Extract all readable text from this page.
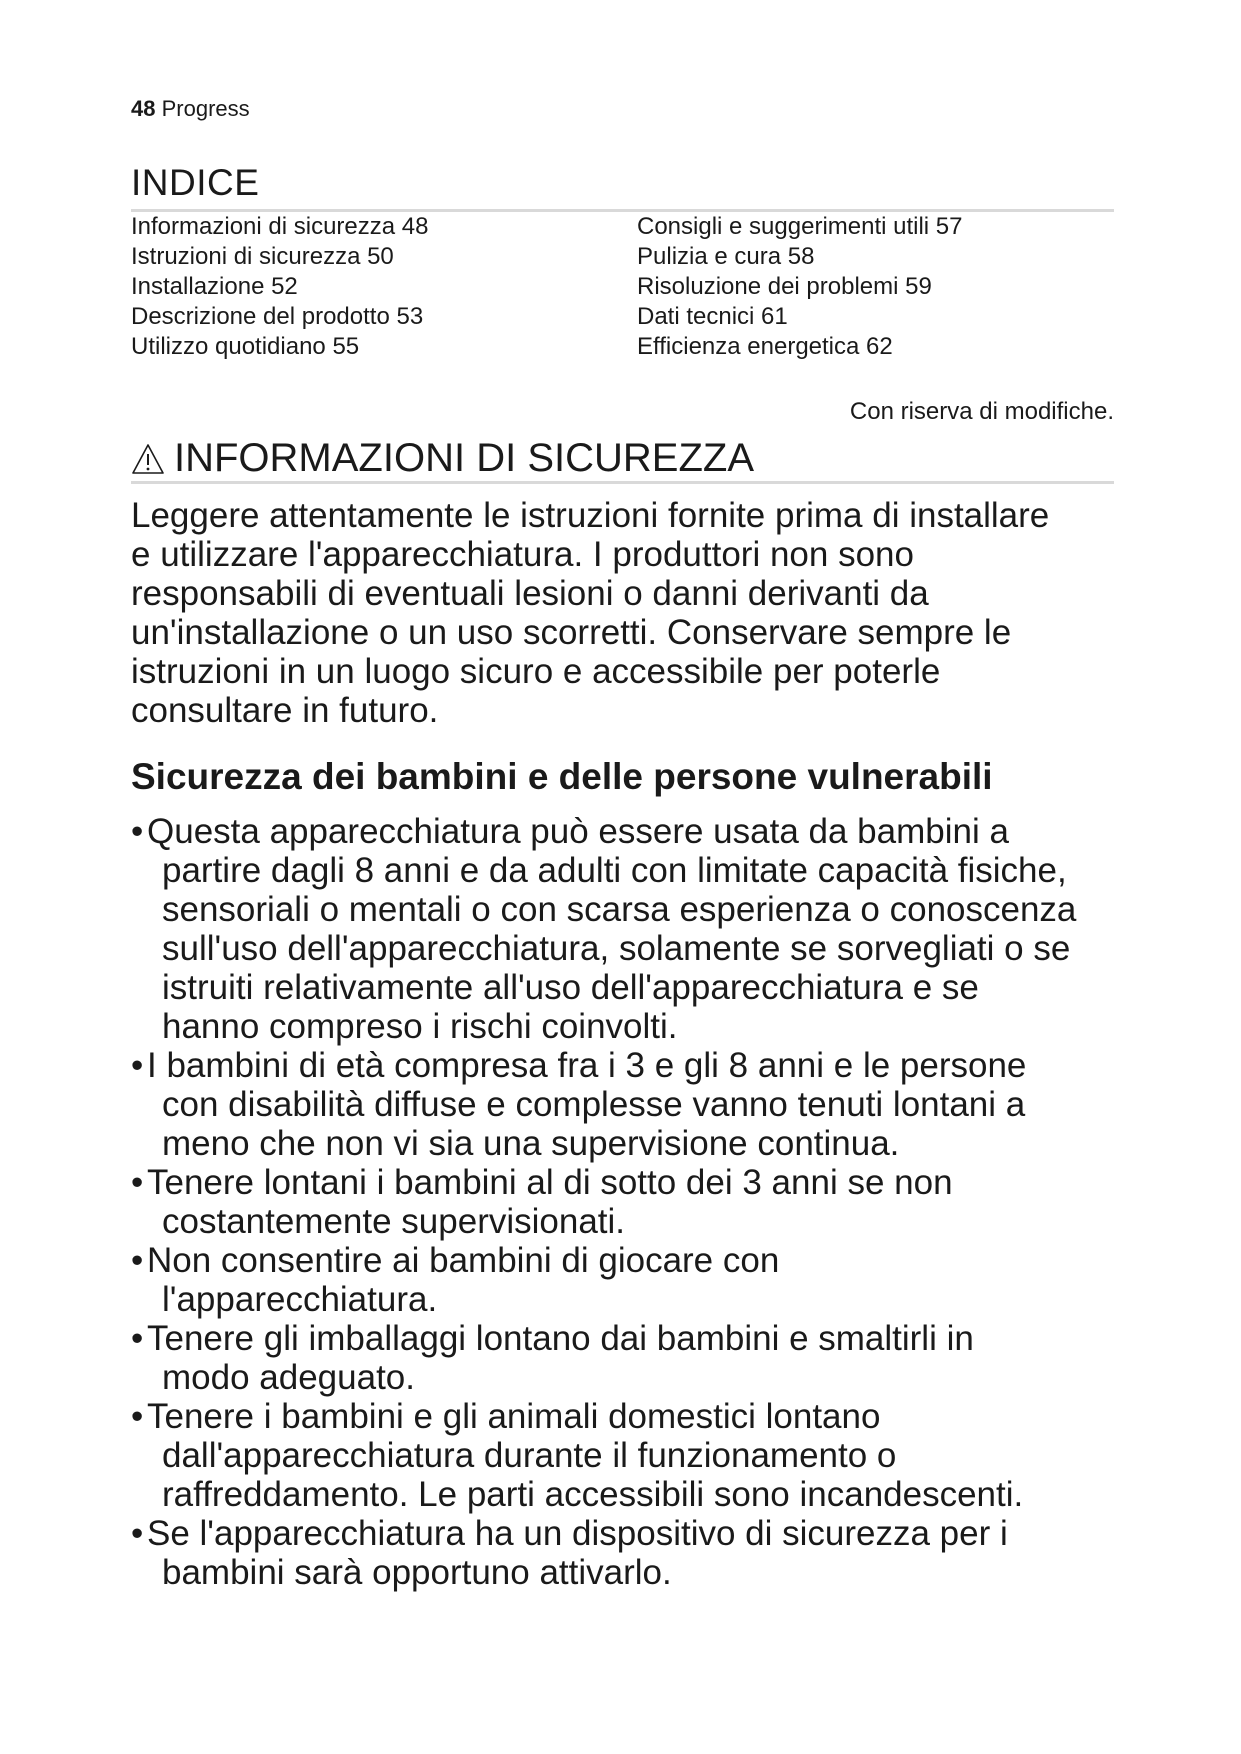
48 Progress
INDICE
Informazioni di sicurezza 48
Istruzioni di sicurezza 50
Installazione 52
Descrizione del prodotto 53
Utilizzo quotidiano 55
Consigli e suggerimenti utili 57
Pulizia e cura 58
Risoluzione dei problemi 59
Dati tecnici 61
Efficienza energetica 62
Con riserva di modifiche.
INFORMAZIONI DI SICUREZZA
Leggere attentamente le istruzioni fornite prima di installare
e utilizzare l'apparecchiatura. I produttori non sono
responsabili di eventuali lesioni o danni derivanti da
un'installazione o un uso scorretti. Conservare sempre le
istruzioni in un luogo sicuro e accessibile per poterle
consultare in futuro.
Sicurezza dei bambini e delle persone vulnerabili
• Questa apparecchiatura può essere usata da bambini a
partire dagli 8 anni e da adulti con limitate capacità fisiche,
sensoriali o mentali o con scarsa esperienza o conoscenza
sull'uso dell'apparecchiatura, solamente se sorvegliati o se
istruiti relativamente all'uso dell'apparecchiatura e se
hanno compreso i rischi coinvolti.
• I bambini di età compresa fra i 3 e gli 8 anni e le persone
con disabilità diffuse e complesse vanno tenuti lontani a
meno che non vi sia una supervisione continua.
• Tenere lontani i bambini al di sotto dei 3 anni se non
costantemente supervisionati.
• Non consentire ai bambini di giocare con
l'apparecchiatura.
• Tenere gli imballaggi lontano dai bambini e smaltirli in
modo adeguato.
• Tenere i bambini e gli animali domestici lontano
dall'apparecchiatura durante il funzionamento o
raffreddamento. Le parti accessibili sono incandescenti.
• Se l'apparecchiatura ha un dispositivo di sicurezza per i
bambini sarà opportuno attivarlo.
